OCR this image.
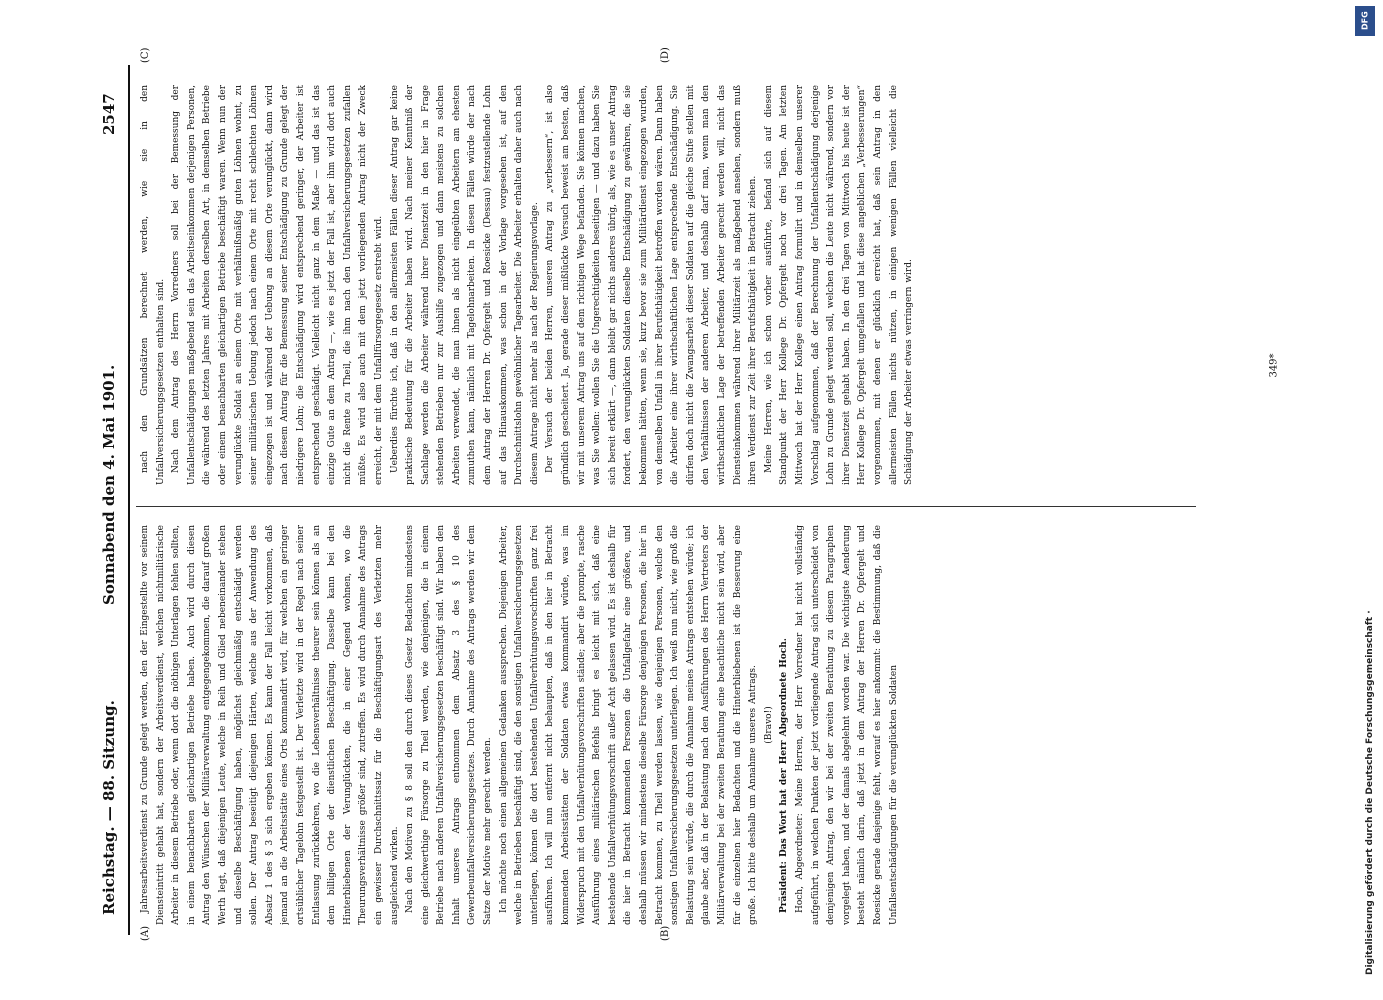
Reichstag. — 88. Sitzung.
Sonnabend den 4. Mai 1901.
2547
(A)	(B)
(C)	(D)

Jahresarbeitsverdienst zu Grunde gelegt werden, den der Eingestellte vor seinem Diensteintritt gehabt hat, sondern der Arbeitsverdienst, welchen nichtmilitärische Arbeiter in diesem Betriebe oder, wenn dort die nöthigen Unterlagen fehlen sollten, in einem benachbarten gleichartigen Betriebe haben. Auch wird durch diesen Antrag den Wünschen der Militärverwaltung entgegengekommen, die darauf großen Werth legt, daß diejenigen Leute, welche in Reih und Glied nebeneinander stehen und dieselbe Beschäftigung haben, möglichst gleichmäßig entschädigt werden sollen. Der Antrag beseitigt diejenigen Härten, welche aus der Anwendung des Absatz 1 des § 3 sich ergeben können. Es kann der Fall leicht vorkommen, daß jemand an die Arbeitsstätte eines Orts kommandirt wird, für welchen ein geringer ortsüblicher Tagelohn festgestellt ist. Der Verletzte wird in der Regel nach seiner Entlassung zurückkehren, wo die Lebensverhältnisse theurer sein können als an dem billigen Orte der dienstlichen Beschäftigung. Dasselbe kann bei den Hinterbliebenen der Verunglückten, die in einer Gegend wohnen, wo die Theurungsverhältnisse größer sind, zutreffen. Es wird durch Annahme des Antrags ein gewisser Durchschnittssatz für die Beschäftigungsart des Verletzten mehr ausgleichend wirken. Nach den Motiven zu § 8 soll den durch dieses Gesetz Bedachten mindestens eine gleichwerthige Fürsorge zu Theil werden, wie denjenigen, die in einem Betriebe nach anderen Unfallversicherungsgesetzen beschäftigt sind. Wir haben den Inhalt unseres Antrags entnommen dem Absatz 3 des § 10 des Gewerbeunfallversicherungsgesetzes. Durch Annahme des Antrags werden wir dem Satze der Motive mehr gerecht werden. Ich möchte noch einen allgemeinen Gedanken aussprechen. Diejenigen Arbeiter, welche in Betrieben beschäftigt sind, die den sonstigen Unfallversicherungsgesetzen unterliegen, können die dort bestehenden Unfallverhütungsvorschriften ganz frei ausführen. Ich will nun entfernt nicht behaupten, daß in den hier in Betracht kommenden Arbeitsstätten der Soldaten etwas kommandirt würde, was im Widerspruch mit den Unfallverhütungsvorschriften stände; aber die prompte, rasche Ausführung eines militärischen Befehls bringt es leicht mit sich, daß eine bestehende Unfallverhütungsvorschrift außer Acht gelassen wird. Es ist deshalb für die hier in Betracht kommenden Personen die Unfallgefahr eine größere, und deshalb müssen wir mindestens dieselbe Fürsorge denjenigen Personen, die hier in Betracht kommen, zu Theil werden lassen, wie denjenigen Personen, welche den sonstigen Unfallversicherungsgesetzen unterliegen. Ich weiß nun nicht, wie groß die Belastung sein würde, die durch die Annahme meines Antrags entstehen würde; ich glaube aber, daß in der Belastung nach den Ausführungen des Herrn Vertreters der Militärverwaltung bei der zweiten Berathung eine beachtliche nicht sein wird, aber für die einzelnen hier Bedachten und die Hinterbliebenen ist die Besserung eine große. Ich bitte deshalb um Annahme unseres Antrags. (Bravo!) Präsident: Das Wort hat der Herr Abgeordnete Hoch. Hoch, Abgeordneter: Meine Herren, der Herr Vorredner hat nicht vollständig aufgeführt, in welchen Punkten der jetzt vorliegende Antrag sich unterscheidet von demjenigen Antrag, den wir bei der zweiten Berathung zu diesem Paragraphen vorgelegt haben, und der damals abgelehnt worden war. Die wichtigste Aenderung besteht nämlich darin, daß jetzt in dem Antrag der Herren Dr. Opfergelt und Roesicke gerade dasjenige fehlt, worauf es hier ankommt: die Bestimmung, daß die Unfallsentschädigungen für die verunglückten Soldaten

nach den Grundsätzen berechnet werden, wie sie in den Unfallversicherungsgesetzen enthalten sind. Nach dem Antrag des Herrn Vorredners soll bei der Bemessung der Unfallentschädigungen maßgebend sein das Arbeitseinkommen derjenigen Personen, die während des letzten Jahres mit Arbeiten derselben Art, in demselben Betriebe oder einem benachbarten gleichartigen Betriebe beschäftigt waren. Wenn nun der verunglückte Soldat an einem Orte mit verhältnißmäßig guten Löhnen wohnt, zu seiner militärischen Uebung jedoch nach einem Orte mit recht schlechten Löhnen eingezogen ist und während der Uebung an diesem Orte verunglückt, dann wird nach diesem Antrag für die Bemessung seiner Entschädigung zu Grunde gelegt der niedrigere Lohn; die Entschädigung wird entsprechend geringer, der Arbeiter ist entsprechend geschädigt. Vielleicht nicht ganz in dem Maße — und das ist das einzige Gute an dem Antrag —, wie es jetzt der Fall ist, aber ihm wird dort auch nicht die Rente zu Theil, die ihm nach den Unfallversicherungsgesetzen zufallen müßte. Es wird also auch mit dem jetzt vorliegenden Antrag nicht der Zweck erreicht, der mit dem Unfallfürsorgegesetz erstrebt wird. Ueberdies fürchte ich, daß in den allermeisten Fällen dieser Antrag gar keine praktische Bedeutung für die Arbeiter haben wird. Nach meiner Kenntniß der Sachlage werden die Arbeiter während ihrer Dienstzeit in den hier in Frage stehenden Betrieben nur zur Aushilfe zugezogen und dann meistens zu solchen Arbeiten verwendet, die man ihnen als nicht eingeübten Arbeitern am ehesten zumuthen kann, nämlich mit Tagelohnarbeiten. In diesen Fällen würde der nach dem Antrag der Herren Dr. Opfergelt und Roesicke (Dessau) festzustellende Lohn auf das Hinauskommen, was schon in der Vorlage vorgesehen ist, auf den Durchschnittslohn gewöhnlicher Tagearbeiter. Die Arbeiter erhalten daher auch nach diesem Antrage nicht mehr als nach der Regierungsvorlage. Der Versuch der beiden Herren, unseren Antrag zu „verbessern“, ist also gründlich gescheitert. Ja, gerade dieser mißlückte Versuch beweist am besten, daß wir mit unserem Antrag uns auf dem richtigen Wege befanden. Sie können machen, was Sie wollen: wollen Sie die Ungerechtigkeiten beseitigen — und dazu haben Sie sich bereit erklärt —, dann bleibt gar nichts anderes übrig, als, wie es unser Antrag fordert, den verunglückten Soldaten dieselbe Entschädigung zu gewähren, die sie bekommen hätten, wenn sie, kurz bevor sie zum Militärdienst eingezogen wurden, von demselben Unfall in ihrer Berufsthätigkeit betroffen worden wären. Dann haben die Arbeiter eine ihrer wirthschaftlichen Lage entsprechende Entschädigung. Sie dürfen doch nicht die Zwangsarbeit dieser Soldaten auf die gleiche Stufe stellen mit den Verhältnissen der anderen Arbeiter, und deshalb darf man, wenn man den wirthschaftlichen Lage der betreffenden Arbeiter gerecht werden will, nicht das Diensteinkommen während ihrer Militärzeit als maßgebend ansehen, sondern muß ihren Verdienst zur Zeit ihrer Berufsthätigkeit in Betracht ziehen. Meine Herren, wie ich schon vorher ausführte, befand sich auf diesem Standpunkt der Herr Kollege Dr. Opfergelt noch vor drei Tagen. Am letzten Mittwoch hat der Herr Kollege einen Antrag formulirt und in demselben unserer Vorschlag aufgenommen, daß der Berechnung der Unfallentschädigung derjenige Lohn zu Grunde gelegt werden soll, welchen die Leute nicht während, sondern vor ihrer Dienstzeit gehabt haben. In den drei Tagen von Mittwoch bis heute ist der Herr Kollege Dr. Opfergelt umgefallen und hat diese angeblichen „Verbesserungen“ vorgenommen, mit denen er glücklich erreicht hat, daß sein Antrag in den allermeisten Fällen nichts nützen, in einigen wenigen Fällen vielleicht die Schädigung der Arbeiter etwas verringern wird.	349*
DFG
Digitalisierung gefördert durch die Deutsche Forschungsgemeinschaft ·
